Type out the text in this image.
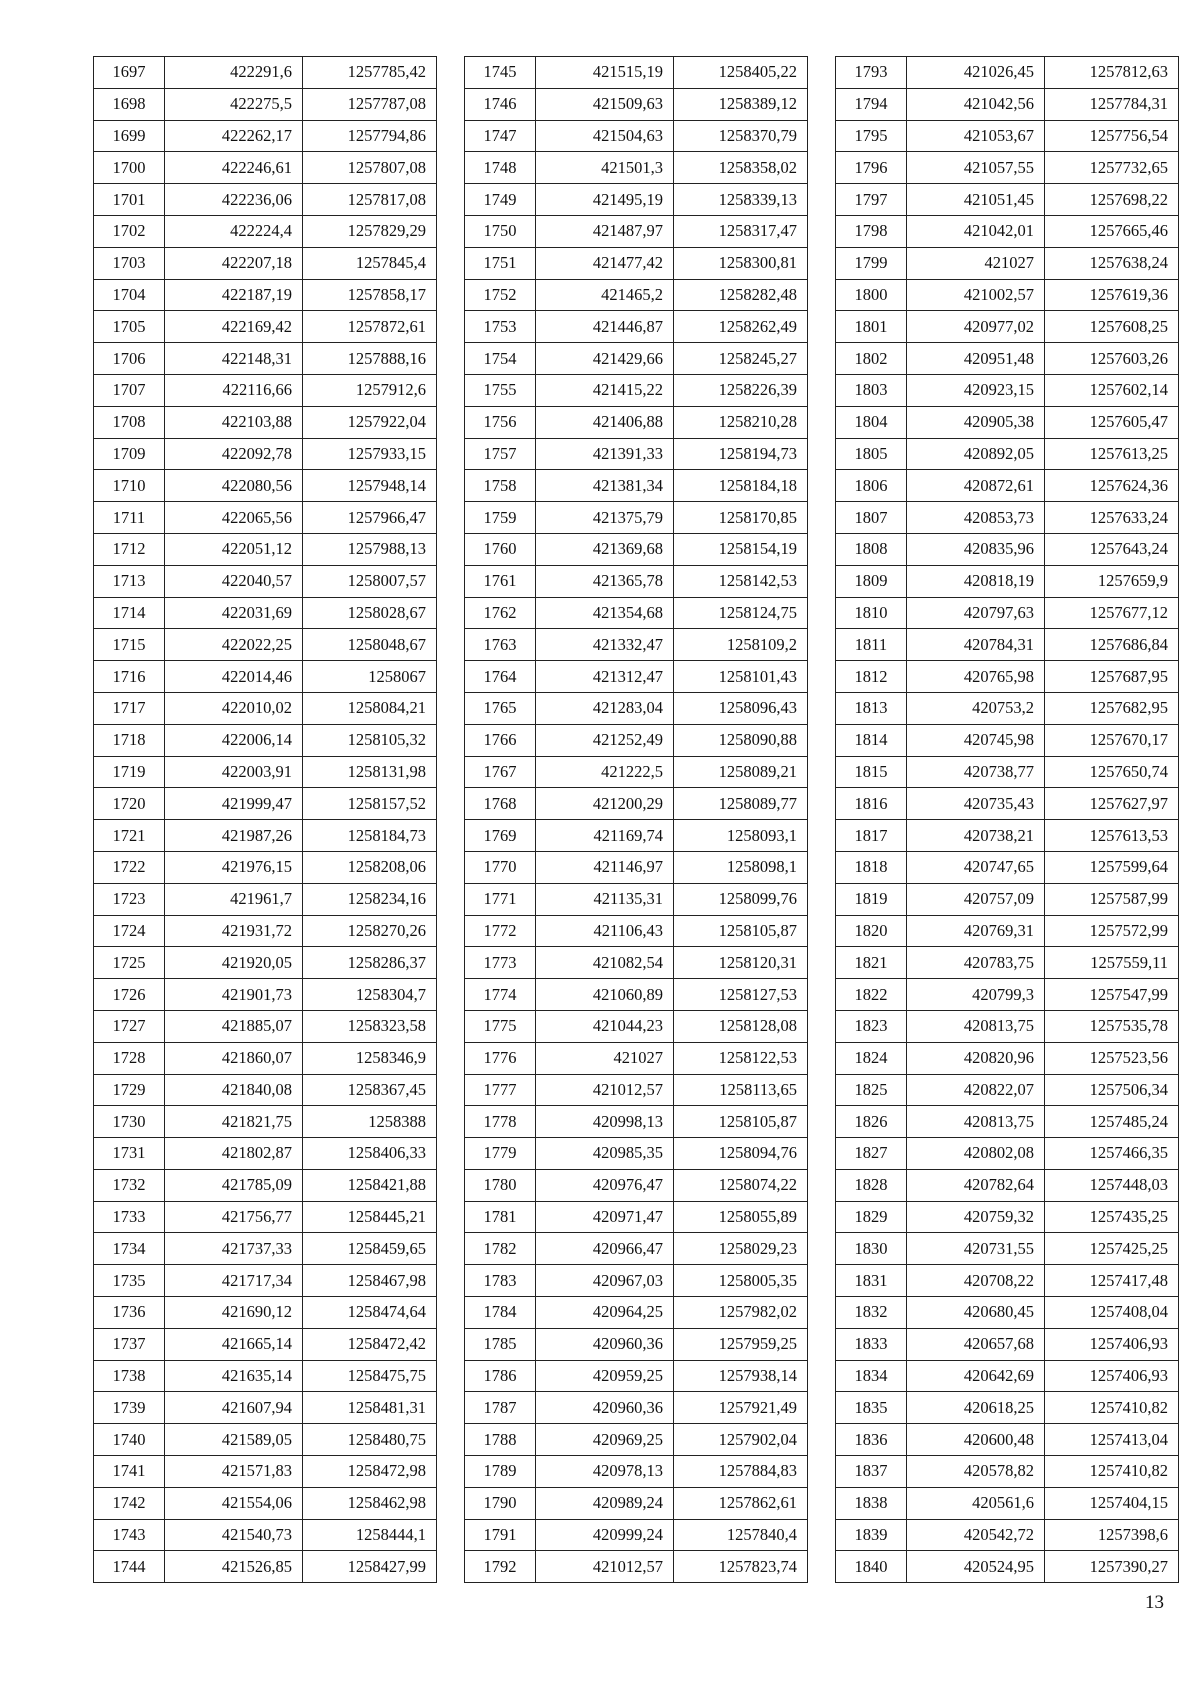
1697	422291,6	1257785,42
1698	422275,5	1257787,08
1699	422262,17	1257794,86
1700	422246,61	1257807,08
1701	422236,06	1257817,08
1702	422224,4	1257829,29
1703	422207,18	1257845,4
1704	422187,19	1257858,17
1705	422169,42	1257872,61
1706	422148,31	1257888,16
1707	422116,66	1257912,6
1708	422103,88	1257922,04
1709	422092,78	1257933,15
1710	422080,56	1257948,14
1711	422065,56	1257966,47
1712	422051,12	1257988,13
1713	422040,57	1258007,57
1714	422031,69	1258028,67
1715	422022,25	1258048,67
1716	422014,46	1258067
1717	422010,02	1258084,21
1718	422006,14	1258105,32
1719	422003,91	1258131,98
1720	421999,47	1258157,52
1721	421987,26	1258184,73
1722	421976,15	1258208,06
1723	421961,7	1258234,16
1724	421931,72	1258270,26
1725	421920,05	1258286,37
1726	421901,73	1258304,7
1727	421885,07	1258323,58
1728	421860,07	1258346,9
1729	421840,08	1258367,45
1730	421821,75	1258388
1731	421802,87	1258406,33
1732	421785,09	1258421,88
1733	421756,77	1258445,21
1734	421737,33	1258459,65
1735	421717,34	1258467,98
1736	421690,12	1258474,64
1737	421665,14	1258472,42
1738	421635,14	1258475,75
1739	421607,94	1258481,31
1740	421589,05	1258480,75
1741	421571,83	1258472,98
1742	421554,06	1258462,98
1743	421540,73	1258444,1
1744	421526,85	1258427,99
1745	421515,19	1258405,22
1746	421509,63	1258389,12
1747	421504,63	1258370,79
1748	421501,3	1258358,02
1749	421495,19	1258339,13
1750	421487,97	1258317,47
1751	421477,42	1258300,81
1752	421465,2	1258282,48
1753	421446,87	1258262,49
1754	421429,66	1258245,27
1755	421415,22	1258226,39
1756	421406,88	1258210,28
1757	421391,33	1258194,73
1758	421381,34	1258184,18
1759	421375,79	1258170,85
1760	421369,68	1258154,19
1761	421365,78	1258142,53
1762	421354,68	1258124,75
1763	421332,47	1258109,2
1764	421312,47	1258101,43
1765	421283,04	1258096,43
1766	421252,49	1258090,88
1767	421222,5	1258089,21
1768	421200,29	1258089,77
1769	421169,74	1258093,1
1770	421146,97	1258098,1
1771	421135,31	1258099,76
1772	421106,43	1258105,87
1773	421082,54	1258120,31
1774	421060,89	1258127,53
1775	421044,23	1258128,08
1776	421027	1258122,53
1777	421012,57	1258113,65
1778	420998,13	1258105,87
1779	420985,35	1258094,76
1780	420976,47	1258074,22
1781	420971,47	1258055,89
1782	420966,47	1258029,23
1783	420967,03	1258005,35
1784	420964,25	1257982,02
1785	420960,36	1257959,25
1786	420959,25	1257938,14
1787	420960,36	1257921,49
1788	420969,25	1257902,04
1789	420978,13	1257884,83
1790	420989,24	1257862,61
1791	420999,24	1257840,4
1792	421012,57	1257823,74
1793	421026,45	1257812,63
1794	421042,56	1257784,31
1795	421053,67	1257756,54
1796	421057,55	1257732,65
1797	421051,45	1257698,22
1798	421042,01	1257665,46
1799	421027	1257638,24
1800	421002,57	1257619,36
1801	420977,02	1257608,25
1802	420951,48	1257603,26
1803	420923,15	1257602,14
1804	420905,38	1257605,47
1805	420892,05	1257613,25
1806	420872,61	1257624,36
1807	420853,73	1257633,24
1808	420835,96	1257643,24
1809	420818,19	1257659,9
1810	420797,63	1257677,12
1811	420784,31	1257686,84
1812	420765,98	1257687,95
1813	420753,2	1257682,95
1814	420745,98	1257670,17
1815	420738,77	1257650,74
1816	420735,43	1257627,97
1817	420738,21	1257613,53
1818	420747,65	1257599,64
1819	420757,09	1257587,99
1820	420769,31	1257572,99
1821	420783,75	1257559,11
1822	420799,3	1257547,99
1823	420813,75	1257535,78
1824	420820,96	1257523,56
1825	420822,07	1257506,34
1826	420813,75	1257485,24
1827	420802,08	1257466,35
1828	420782,64	1257448,03
1829	420759,32	1257435,25
1830	420731,55	1257425,25
1831	420708,22	1257417,48
1832	420680,45	1257408,04
1833	420657,68	1257406,93
1834	420642,69	1257406,93
1835	420618,25	1257410,82
1836	420600,48	1257413,04
1837	420578,82	1257410,82
1838	420561,6	1257404,15
1839	420542,72	1257398,6
1840	420524,95	1257390,27
13
